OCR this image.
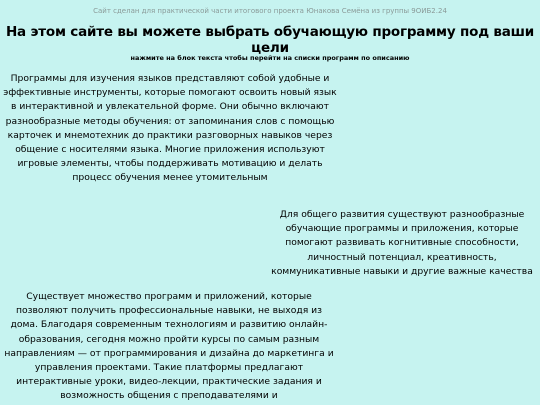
Сайт сделан для практической части итогового проекта Юнакова Семёна из группы 9ОИБ2.24

На этом сайте вы можете выбрать обучающую программу под ваши цели

нажмите на блок текста чтобы перейти на списки программ по описанию

Программы для изучения языков представляют собой удобные и эффективные инструменты, которые помогают освоить новый язык в интерактивной и увлекательной форме. Они обычно включают разнообразные методы обучения: от запоминания слов с помощью карточек и мнемотехник до практики разговорных навыков через общение с носителями языка. Многие приложения используют игровые элементы, чтобы поддерживать мотивацию и делать процесс обучения менее утомительным

Для общего развития существуют разнообразные обучающие программы и приложения, которые помогают развивать когнитивные способности, личностный потенциал, креативность, коммуникативные навыки и другие важные качества

Существует множество программ и приложений, которые позволяют получить профессиональные навыки, не выходя из дома. Благодаря современным технологиям и развитию онлайн-образования, сегодня можно пройти курсы по самым разным направлениям — от программирования и дизайна до маркетинга и управления проектами. Такие платформы предлагают интерактивные уроки, видео-лекции, практические задания и возможность общения с преподавателями и
